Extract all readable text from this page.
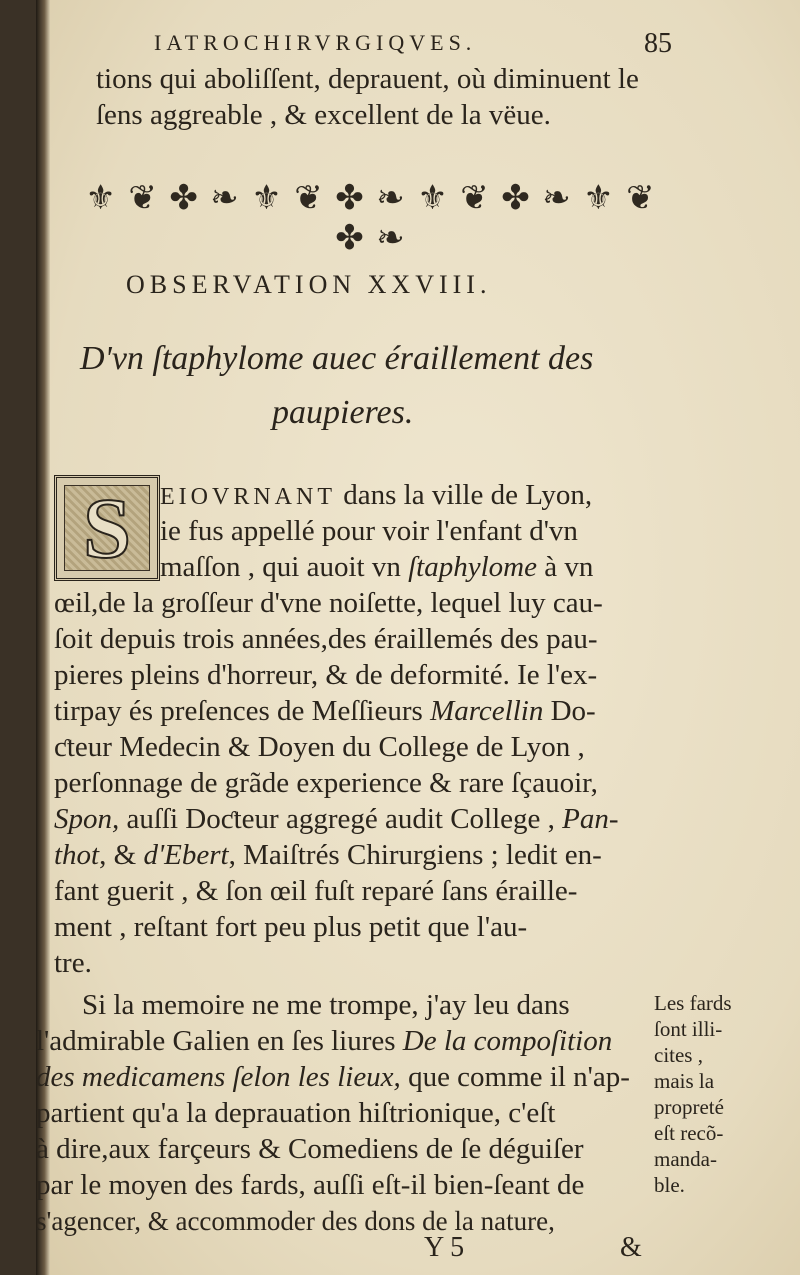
IATROCHIRVRGIQVES.	85
tions qui aboliſſent, deprauent, où diminuent le
ſens aggreable , & excellent de la vëue.
⚜ ❦ ✤ ❧ ⚜ ❦ ✤ ❧ ⚜ ❦ ✤ ❧ ⚜ ❦ ✤ ❧
OBSERVATION XXVIII.
D'vn ſtaphylome auec éraillement des
paupieres.
S EIOVRNANT dans la ville de Lyon,
ie fus appellé pour voir l'enfant d'vn
maſſon , qui auoit vn ſtaphylome à vn
œil,de la groſſeur d'vne noiſette, lequel luy cau-
ſoit depuis trois années,des éraillemés des pau-
pieres pleins d'horreur, & de deformité. Ie l'ex-
tirpay és preſences de Meſſieurs Marcellin Do-
ƈteur Medecin & Doyen du College de Lyon ,
perſonnage de grãde experience & rare ſçauoir,
Spon, auſſi Doƈteur aggregé audit College , Pan-
thot, & d'Ebert, Maiſtrés Chirurgiens ; ledit en-
fant guerit , & ſon œil fuſt reparé ſans éraille-
ment , reſtant fort peu plus petit que l'au-
tre.
Si la memoire ne me trompe, j'ay leu dans
l'admirable Galien en ſes liures De la compoſition
des medicamens ſelon les lieux, que comme il n'ap-
partient qu'a la deprauation hiſtrionique, c'eſt
à dire,aux farçeurs & Comediens de ſe déguiſer
par le moyen des fards, auſſi eſt-il bien-ſeant de
s'agencer, & accommoder des dons de la nature,
Les fards
ſont illi-
cites ,
mais la
propreté
eſt recõ-
manda-
ble.
Y 5	&
